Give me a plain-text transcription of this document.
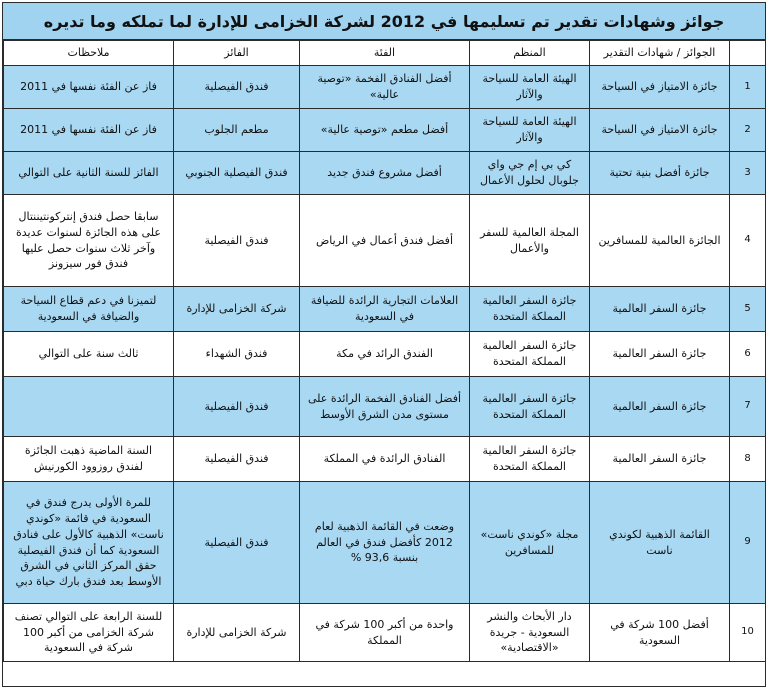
جوائز وشهادات تقدير تم تسليمها في 2012 لشركة الخزامى للإدارة لما تملكه وما تديره
	الجوائز / شهادات التقدير	المنظم	الفئة	الفائز	ملاحظات
1	جائزة الامتياز في السياحة	الهيئة العامة للسياحة والآثار	أفضل الفنادق الفخمة «توصية عالية»	فندق الفيصلية	فاز عن الفئة نفسها في 2011
2	جائزة الامتياز في السياحة	الهيئة العامة للسياحة والآثار	أفضل مطعم «توصية عالية»	مطعم الجلوب	فاز عن الفئة نفسها في 2011
3	جائزة أفضل بنية تحتية	كي بي إم جي واي جلوبال لحلول الأعمال	أفضل مشروع فندق جديد	فندق الفيصلية الجنوبي	الفائز للسنة الثانية على التوالي
4	الجائزة العالمية للمسافرين	المجلة العالمية للسفر والأعمال	أفضل فندق أعمال في الرياض	فندق الفيصلية	سابقا حصل فندق إنتركونتيننتال على هذه الجائزة لسنوات عديدة وآخر ثلاث سنوات حصل عليها فندق فور سيزونز
5	جائزة السفر العالمية	جائزة السفر العالمية المملكة المتحدة	العلامات التجارية الرائدة للضيافة في السعودية	شركة الخزامى للإدارة	لتميزنا في دعم قطاع السياحة والضيافة في السعودية
6	جائزة السفر العالمية	جائزة السفر العالمية المملكة المتحدة	الفندق الرائد في مكة	فندق الشهداء	ثالث سنة على التوالي
7	جائزة السفر العالمية	جائزة السفر العالمية المملكة المتحدة	أفضل الفنادق الفخمة الرائدة على مستوى مدن الشرق الأوسط	فندق الفيصلية	
8	جائزة السفر العالمية	جائزة السفر العالمية المملكة المتحدة	الفنادق الرائدة في المملكة	فندق الفيصلية	السنة الماضية ذهبت الجائزة لفندق روزوود الكورنيش
9	القائمة الذهبية لكوندي ناست	مجلة «كوندي ناست» للمسافرين	وضعت في القائمة الذهبية لعام 2012 كأفضل فندق في العالم بنسبة 93,6 %	فندق الفيصلية	للمرة الأولى يدرج فندق في السعودية في قائمة «كوندي ناست» الذهبية كالأول على فنادق السعودية كما أن فندق الفيصلية حقق المركز الثاني في الشرق الأوسط بعد فندق بارك حياة دبي
10	أفضل 100 شركة في السعودية	دار الأبحاث والنشر السعودية - جريدة «الاقتصادية»	واحدة من أكبر 100 شركة في المملكة	شركة الخزامى للإدارة	للسنة الرابعة على التوالي تصنف شركة الخزامى من أكبر 100 شركة في السعودية
